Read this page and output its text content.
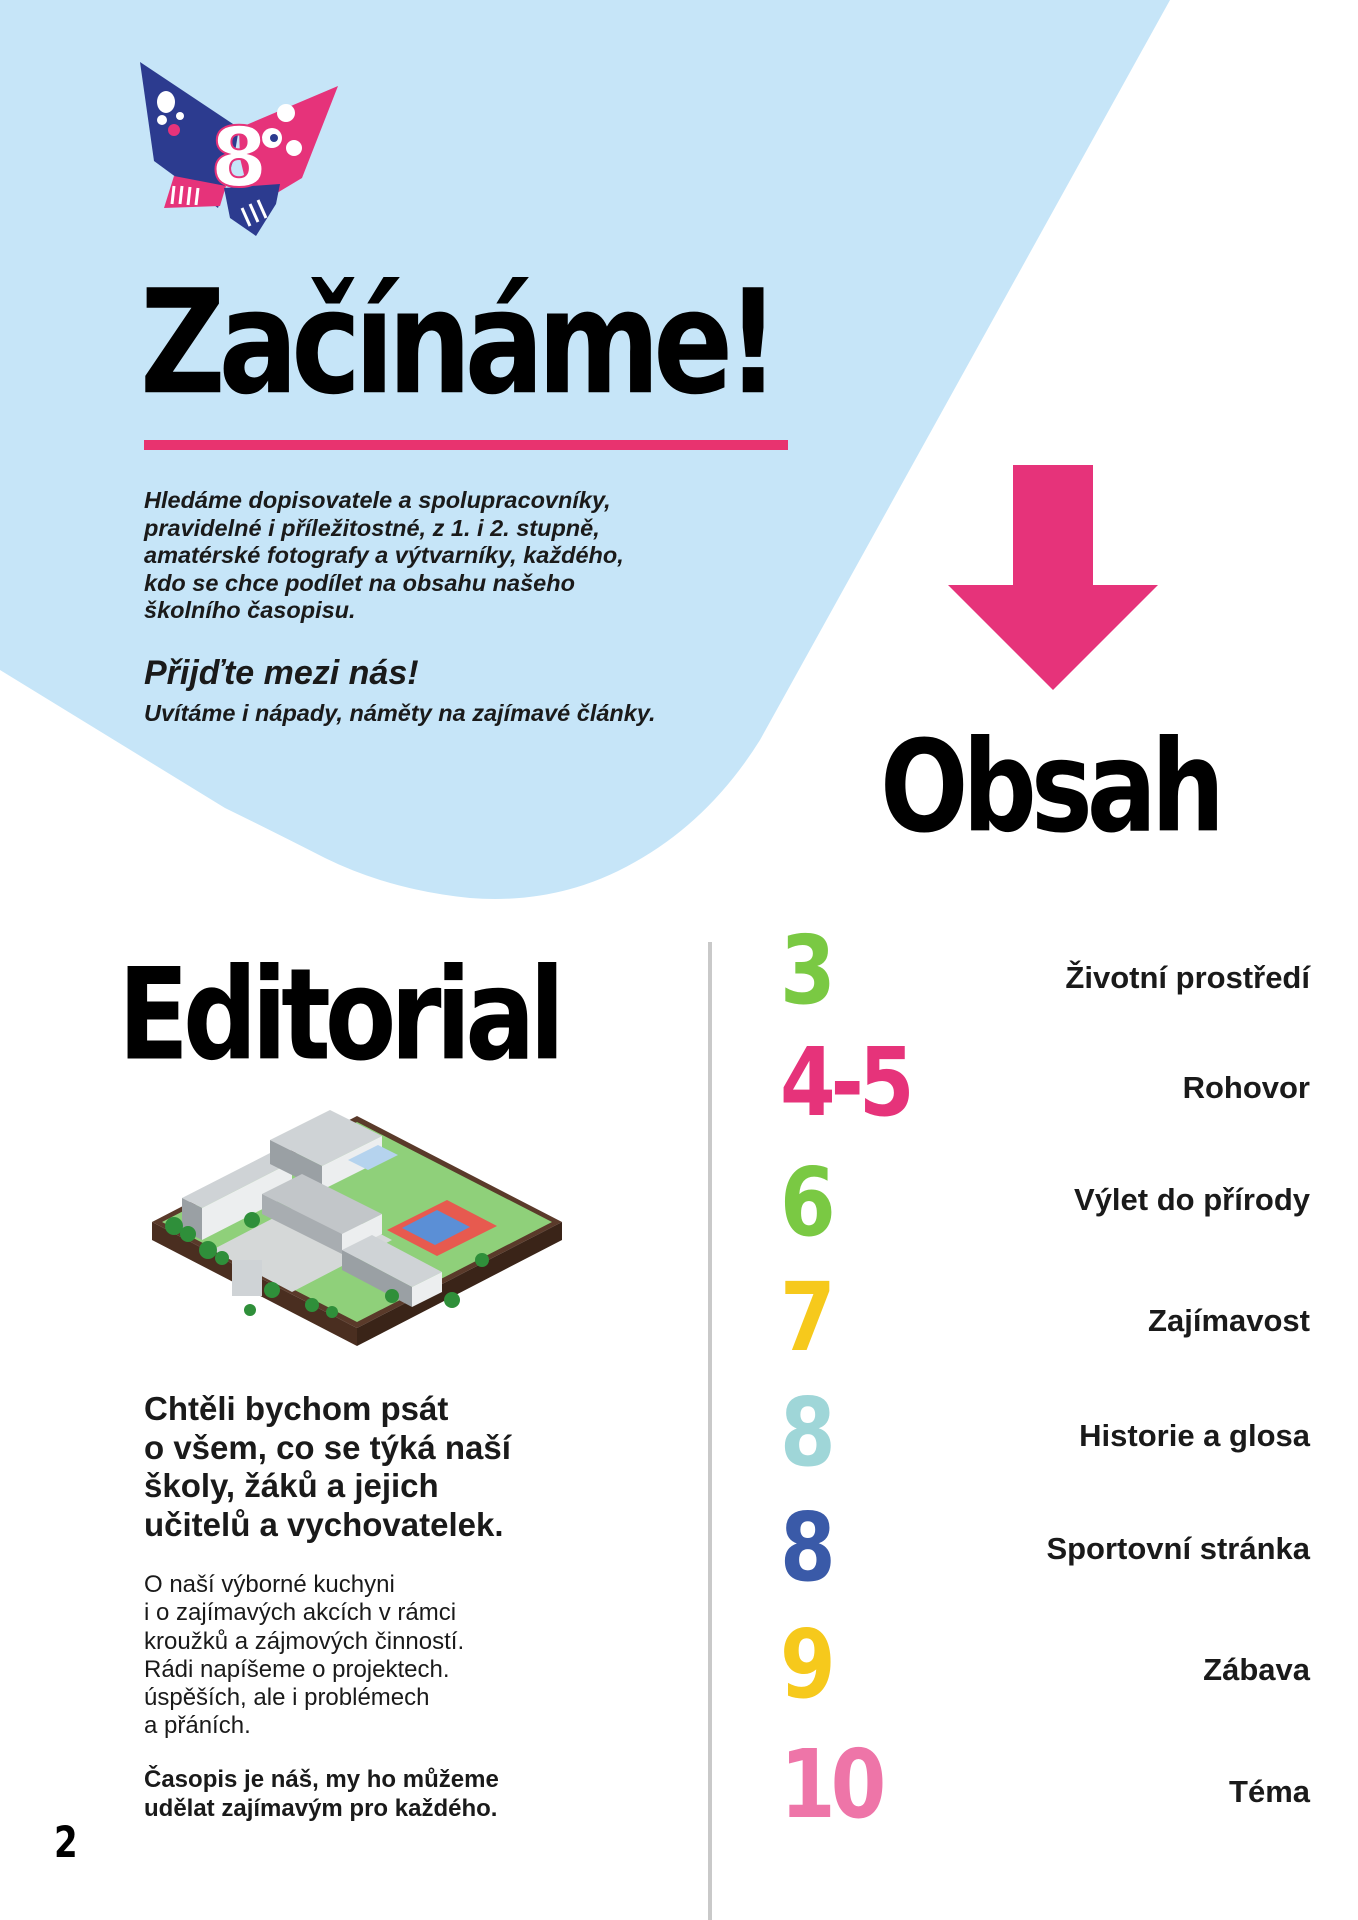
8
Začínáme!

Hledáme dopisovatele a spolupracovníky,
pravidelné i příležitostné, z 1. i 2. stupně,
amatérské fotografy a výtvarníky, každého,
kdo se chce podílet na obsahu našeho
školního časopisu.

Přijďte mezi nás!

Uvítáme i nápady, náměty na zajímavé články. Obsah
Editorial

Chtěli bychom psát
o všem, co se týká naší
školy, žáků a jejich
učitelů a vychovatelek.

O naší výborné kuchyni
i o zajímavých akcích v rámci
kroužků a zájmových činností.
Rádi napíšeme o projektech.
úspěších, ale i problémech
a přáních.

Časopis je náš, my ho můžeme
udělat zajímavým pro každého.

2

3	Životní prostředí
4-5	Rohovor
6	Výlet do přírody
7	Zajímavost
8	Historie a glosa
8	Sportovní stránka
9	Zábava
10	Téma
